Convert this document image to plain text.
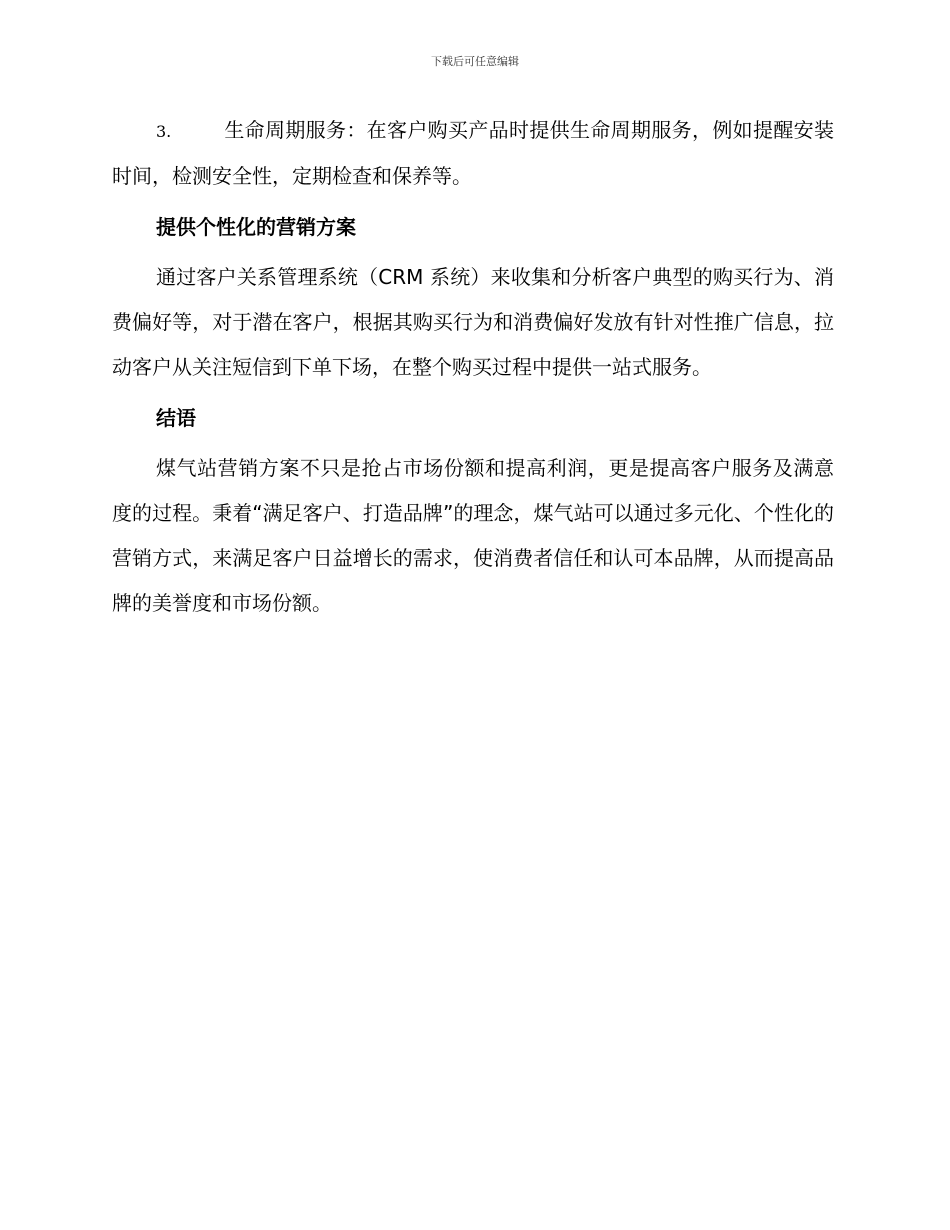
下载后可任意编辑

3.	生命周期服务：在客户购买产品时提供生命周期服务，例如提醒安装时间，检测安全性，定期检查和保养等。

提供个性化的营销方案

通过客户关系管理系统（CRM 系统）来收集和分析客户典型的购买行为、消费偏好等，对于潜在客户，根据其购买行为和消费偏好发放有针对性推广信息，拉动客户从关注短信到下单下场，在整个购买过程中提供一站式服务。

结语

煤气站营销方案不只是抢占市场份额和提高利润，更是提高客户服务及满意度的过程。秉着“满足客户、打造品牌”的理念，煤气站可以通过多元化、个性化的营销方式，来满足客户日益增长的需求，使消费者信任和认可本品牌，从而提高品牌的美誉度和市场份额。
